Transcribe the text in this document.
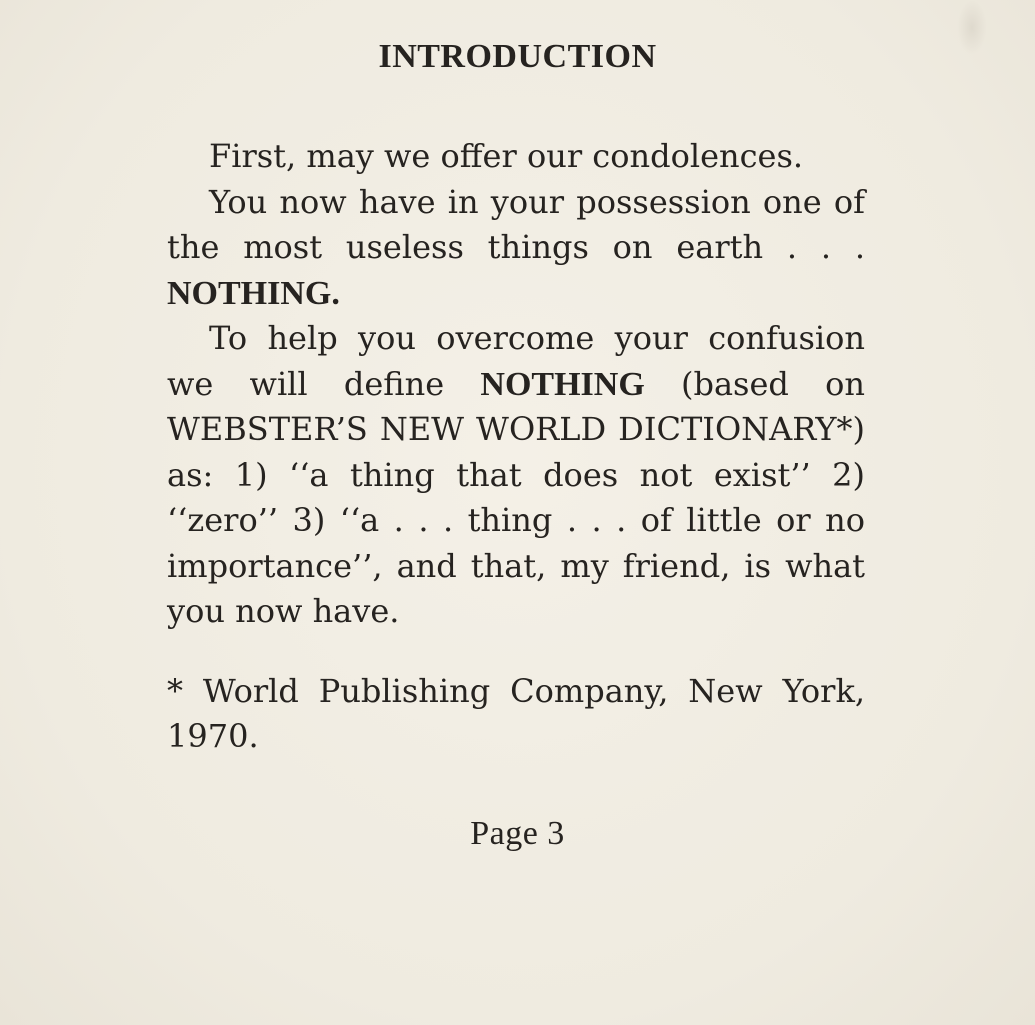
INTRODUCTION

First, may we offer our condolences.

You now have in your possession one of the most useless things on earth . . . NOTHING.

To help you overcome your confusion we will define NOTHING (based on WEBSTER’S NEW WORLD DICTIONARY*) as: 1) ‘‘a thing that does not exist’’ 2) ‘‘zero’’ 3) ‘‘a . . . thing . . . of little or no importance’’, and that, my friend, is what you now have.

* World Publishing Company, New York, 1970.

Page 3
